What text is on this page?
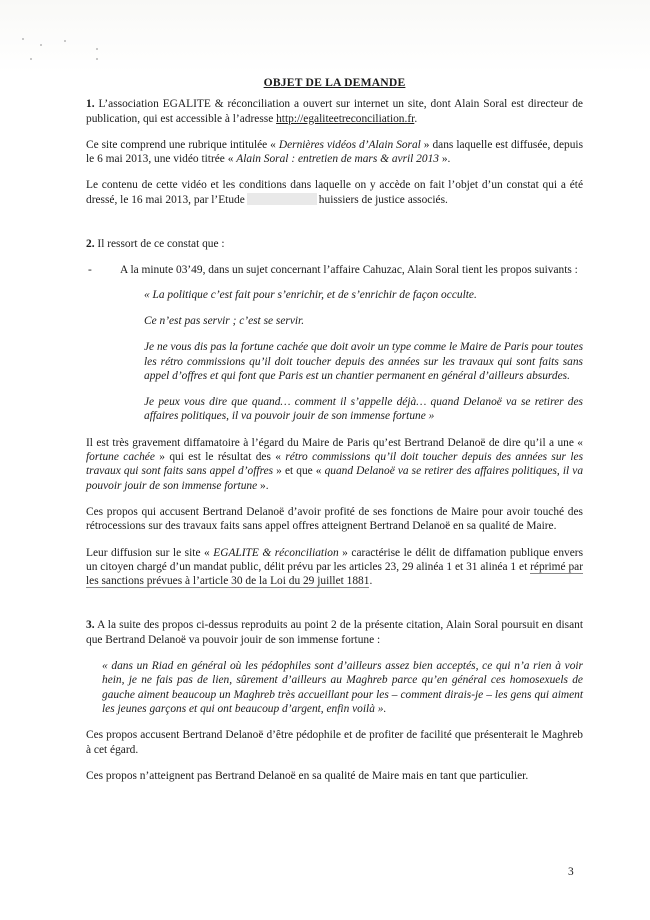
OBJET DE LA DEMANDE

1. L’association EGALITE & réconciliation a ouvert sur internet un site, dont Alain Soral est directeur de publication, qui est accessible à l’adresse http://egaliteetreconciliation.fr.

Ce site comprend une rubrique intitulée « Dernières vidéos d’Alain Soral » dans laquelle est diffusée, depuis le 6 mai 2013, une vidéo titrée « Alain Soral : entretien de mars & avril 2013 ».

Le contenu de cette vidéo et les conditions dans laquelle on y accède on fait l’objet d’un constat qui a été dressé, le 16 mai 2013, par l’Etude	huissiers de justice associés.

2. Il ressort de ce constat que :

- A la minute 03’49, dans un sujet concernant l’affaire Cahuzac, Alain Soral tient les propos suivants :

« La politique c’est fait pour s’enrichir, et de s’enrichir de façon occulte.

Ce n’est pas servir ; c’est se servir.

Je ne vous dis pas la fortune cachée que doit avoir un type comme le Maire de Paris pour toutes les rétro commissions qu’il doit toucher depuis des années sur les travaux qui sont faits sans appel d’offres et qui font que Paris est un chantier permanent en général d’ailleurs absurdes.

Je peux vous dire que quand… comment il s’appelle déjà… quand Delanoë va se retirer des affaires politiques, il va pouvoir jouir de son immense fortune »

Il est très gravement diffamatoire à l’égard du Maire de Paris qu’est Bertrand Delanoë de dire qu’il a une « fortune cachée » qui est le résultat des « rétro commissions qu’il doit toucher depuis des années sur les travaux qui sont faits sans appel d’offres » et que « quand Delanoë va se retirer des affaires politiques, il va pouvoir jouir de son immense fortune ».

Ces propos qui accusent Bertrand Delanoë d’avoir profité de ses fonctions de Maire pour avoir touché des rétrocessions sur des travaux faits sans appel offres atteignent Bertrand Delanoë en sa qualité de Maire.

Leur diffusion sur le site « EGALITE & réconciliation » caractérise le délit de diffamation publique envers un citoyen chargé d’un mandat public, délit prévu par les articles 23, 29 alinéa 1 et 31 alinéa 1 et réprimé par les sanctions prévues à l’article 30 de la Loi du 29 juillet 1881.

3. A la suite des propos ci-dessus reproduits au point 2 de la présente citation, Alain Soral poursuit en disant que Bertrand Delanoë va pouvoir jouir de son immense fortune :

« dans un Riad en général où les pédophiles sont d’ailleurs assez bien acceptés, ce qui n’a rien à voir hein, je ne fais pas de lien, sûrement d’ailleurs au Maghreb parce qu’en général ces homosexuels de gauche aiment beaucoup un Maghreb très accueillant pour les – comment dirais-je – les gens qui aiment les jeunes garçons et qui ont beaucoup d’argent, enfin voilà ».

Ces propos accusent Bertrand Delanoë d’être pédophile et de profiter de facilité que présenterait le Maghreb à cet égard.

Ces propos n’atteignent pas Bertrand Delanoë en sa qualité de Maire mais en tant que particulier.

3
